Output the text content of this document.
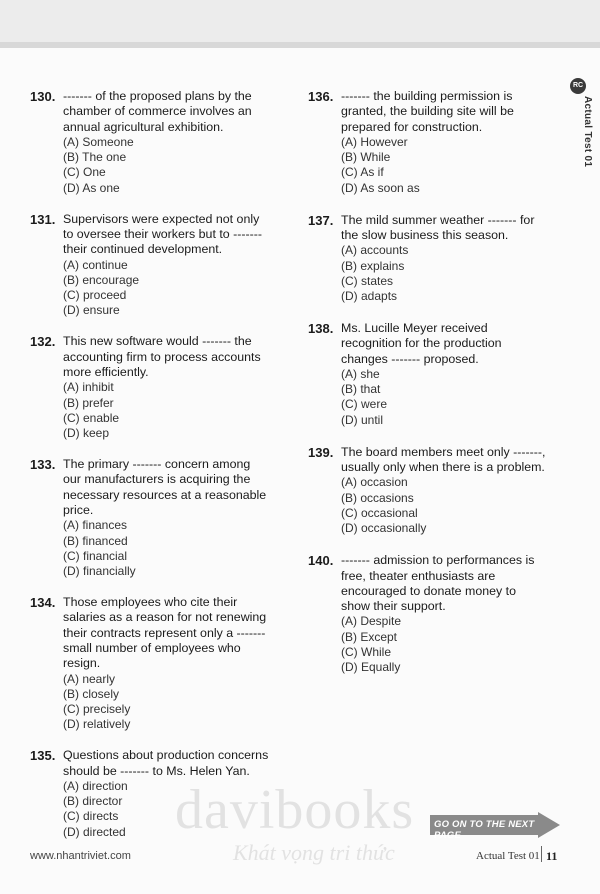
RC
Actual Test 01
130. ------- of the proposed plans by the chamber of commerce involves an annual agricultural exhibition.
(A) Someone
(B) The one
(C) One
(D) As one
131. Supervisors were expected not only to oversee their workers but to ------- their continued development.
(A) continue
(B) encourage
(C) proceed
(D) ensure
132. This new software would ------- the accounting firm to process accounts more efficiently.
(A) inhibit
(B) prefer
(C) enable
(D) keep
133. The primary ------- concern among our manufacturers is acquiring the necessary resources at a reasonable price.
(A) finances
(B) financed
(C) financial
(D) financially
134. Those employees who cite their salaries as a reason for not renewing their contracts represent only a ------- small number of employees who resign.
(A) nearly
(B) closely
(C) precisely
(D) relatively
135. Questions about production concerns should be ------- to Ms. Helen Yan.
(A) direction
(B) director
(C) directs
(D) directed
136. ------- the building permission is granted, the building site will be prepared for construction.
(A) However
(B) While
(C) As if
(D) As soon as
137. The mild summer weather ------- for the slow business this season.
(A) accounts
(B) explains
(C) states
(D) adapts
138. Ms. Lucille Meyer received recognition for the production changes ------- proposed.
(A) she
(B) that
(C) were
(D) until
139. The board members meet only -------, usually only when there is a problem.
(A) occasion
(B) occasions
(C) occasional
(D) occasionally
140. ------- admission to performances is free, theater enthusiasts are encouraged to donate money to show their support.
(A) Despite
(B) Except
(C) While
(D) Equally
davibooks
Khát vọng tri thức
GO ON TO THE NEXT PAGE
www.nhantriviet.com	Actual Test 01 11
